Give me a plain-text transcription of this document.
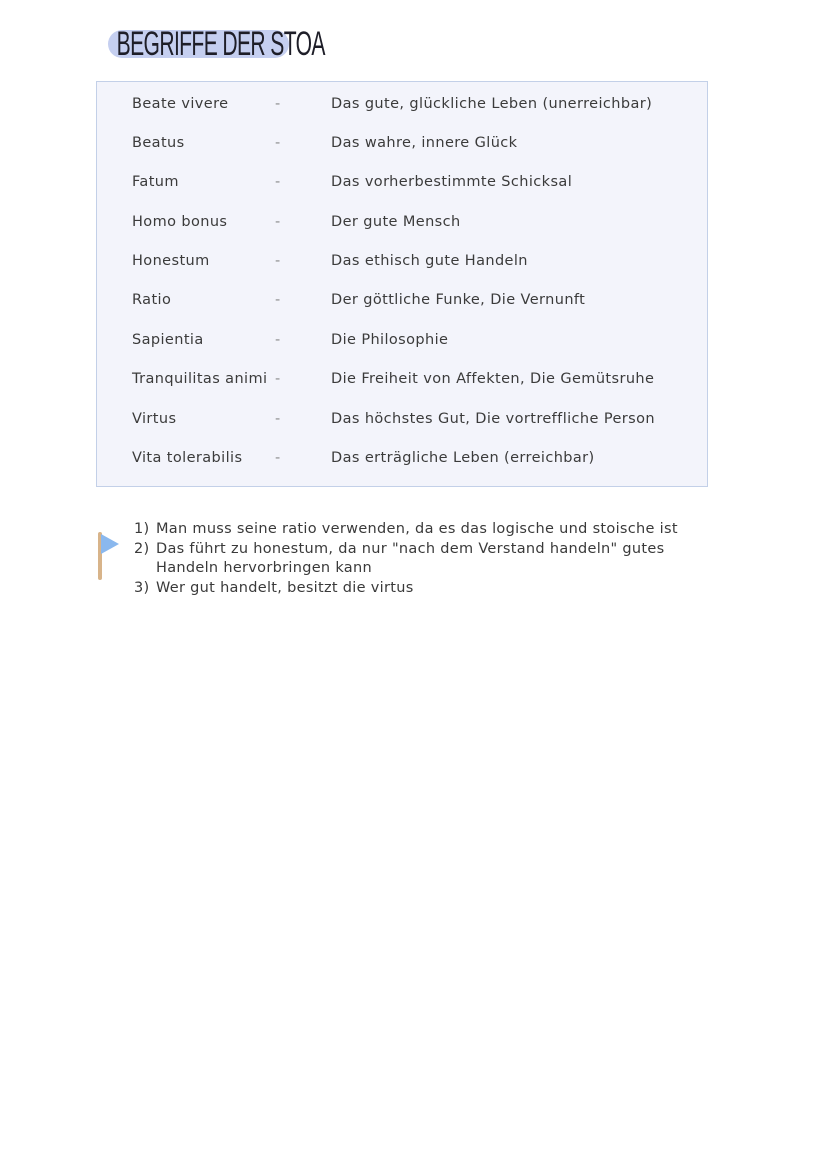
BEGRIFFE DER STOA
Beate vivere	-	Das gute, glückliche Leben (unerreichbar)
Beatus	-	Das wahre, innere Glück
Fatum	-	Das vorherbestimmte Schicksal
Homo bonus	-	Der gute Mensch
Honestum	-	Das ethisch gute Handeln
Ratio	-	Der göttliche Funke, Die Vernunft
Sapientia	-	Die Philosophie
Tranquilitas animi -	Die Freiheit von Affekten, Die Gemütsruhe
Virtus	-	Das höchstes Gut, Die vortreffliche Person
Vita tolerabilis -	Das erträgliche Leben (erreichbar)
1) Man muss seine ratio verwenden, da es das logische und stoische ist
2) Das führt zu honestum, da nur "nach dem Verstand handeln" gutes
Handeln hervorbringen kann
3) Wer gut handelt, besitzt die virtus
